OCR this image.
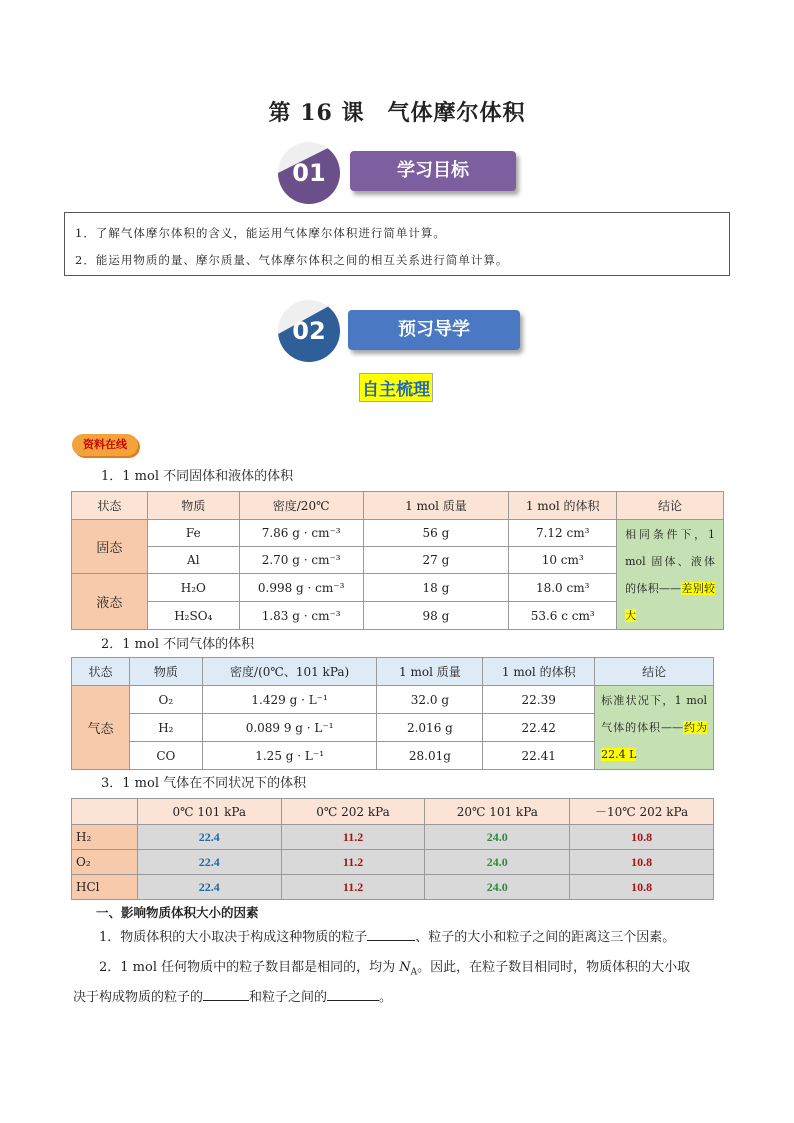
第 16 课　气体摩尔体积
01	学习目标
1．了解气体摩尔体积的含义，能运用气体摩尔体积进行简单计算。
2．能运用物质的量、摩尔质量、气体摩尔体积之间的相互关系进行简单计算。
02	预习导学
自主梳理
资料在线
1．1 mol 不同固体和液体的体积
状态	物质	密度/20℃	1 mol 质量	1 mol 的体积	结论
固态	Fe	7.86 g · cm⁻³	56 g	7.12 cm³	相同条件下，1 mol 固体、液体的体积——差别较大
	Al	2.70 g · cm⁻³	27 g	10 cm³	
液态	H₂O	0.998 g · cm⁻³	18 g	18.0 cm³	
	H₂SO₄	1.83 g · cm⁻³	98 g	53.6 c cm³	
2．1 mol 不同气体的体积
状态	物质	密度/(0℃、101 kPa)	1 mol 质量	1 mol 的体积	结论
气态	O₂	1.429 g · L⁻¹	32.0 g	22.39	标准状况下，1 mol 气体的体积——约为 22.4 L
	H₂	0.089 9 g · L⁻¹	2.016 g	22.42	
	CO	1.25 g · L⁻¹	28.01g	22.41	
3．1 mol 气体在不同状况下的体积
	0℃ 101 kPa	0℃ 202 kPa	20℃ 101 kPa	－10℃ 202 kPa
H₂	22.4	11.2	24.0	10.8
O₂	22.4	11.2	24.0	10.8
HCl	22.4	11.2	24.0	10.8
一、影响物质体积大小的因素
1．物质体积的大小取决于构成这种物质的粒子	、粒子的大小和粒子之间的距离这三个因素。
2．1 mol 任何物质中的粒子数目都是相同的，均为 $N_A$。因此，在粒子数目相同时，物质体积的大小取
决于构成物质的粒子的	和粒子之间的	。
